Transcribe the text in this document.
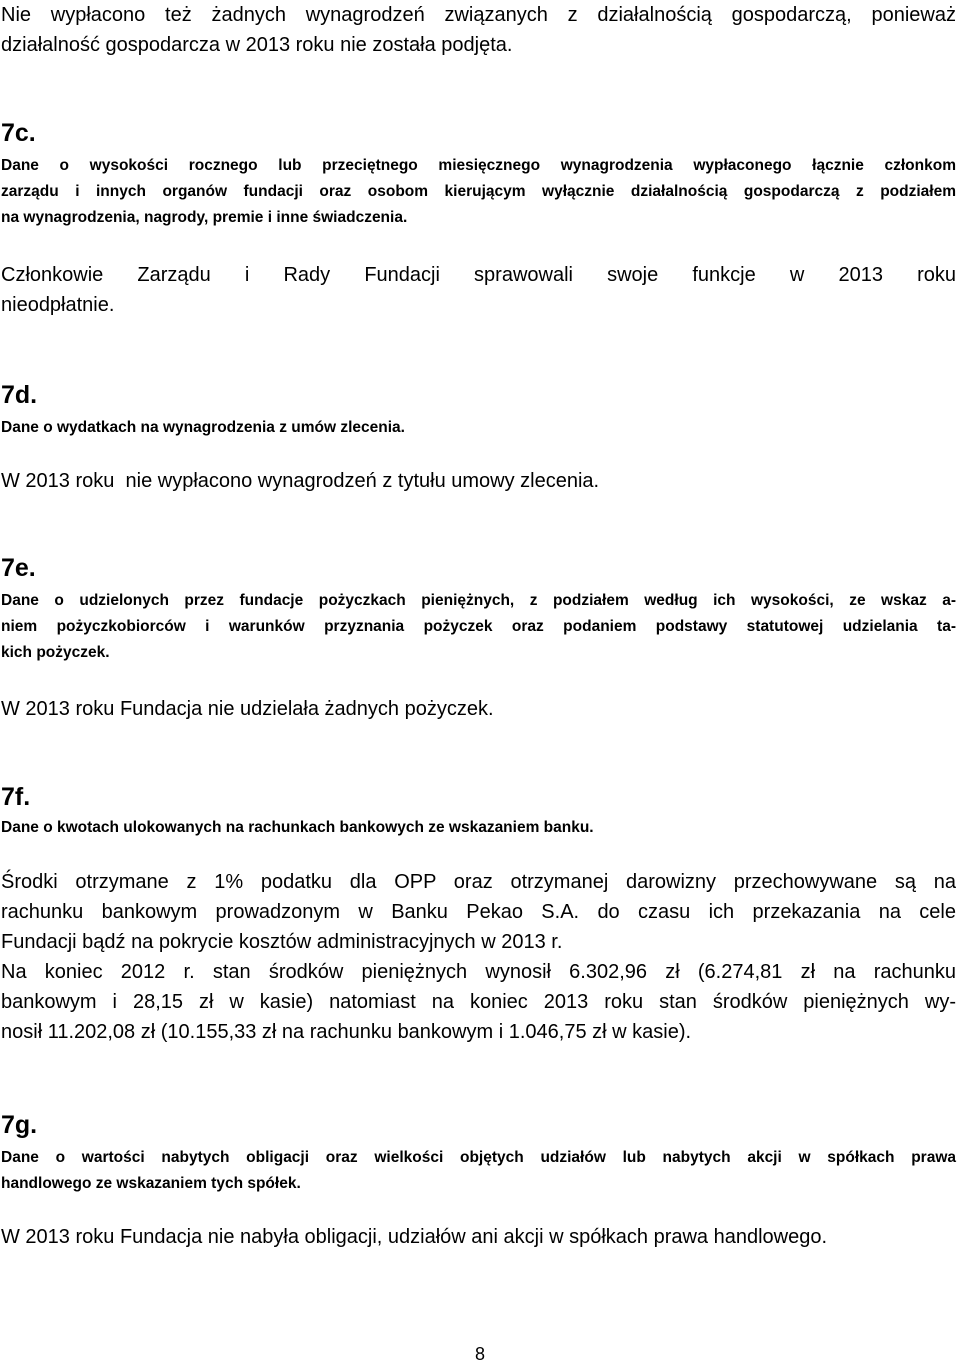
Nie wypłacono też żadnych wynagrodzeń związanych z działalnością gospodarczą, ponieważ
działalność gospodarcza w 2013 roku nie została podjęta.

7c.

Dane o wysokości rocznego lub przeciętnego miesięcznego wynagrodzenia wypłaconego łącznie członkom
zarządu i innych organów fundacji oraz osobom kierującym wyłącznie działalnością gospodarczą z podziałem
na wynagrodzenia, nagrody, premie i inne świadczenia.

Członkowie Zarządu i Rady Fundacji sprawowali swoje funkcje w 2013 roku
nieodpłatnie.

7d.

Dane o wydatkach na wynagrodzenia z umów zlecenia.

W 2013 roku  nie wypłacono wynagrodzeń z tytułu umowy zlecenia.

7e.

Dane o udzielonych przez fundacje pożyczkach pieniężnych, z podziałem według ich wysokości, ze wskaz a-
niem pożyczkobiorców i warunków przyznania pożyczek oraz podaniem podstawy statutowej udzielania ta-
kich pożyczek.

W 2013 roku Fundacja nie udzielała żadnych pożyczek.

7f.

Dane o kwotach ulokowanych na rachunkach bankowych ze wskazaniem banku.

Środki otrzymane z 1% podatku dla OPP oraz otrzymanej darowizny przechowywane są na
rachunku bankowym prowadzonym w Banku Pekao S.A. do czasu ich przekazania na cele
Fundacji bądź na pokrycie kosztów administracyjnych w 2013 r.
Na koniec 2012 r. stan środków pieniężnych wynosił 6.302,96 zł (6.274,81 zł na rachunku
bankowym i 28,15 zł w kasie) natomiast na koniec 2013 roku stan środków pieniężnych wy-
nosił 11.202,08 zł (10.155,33 zł na rachunku bankowym i 1.046,75 zł w kasie).

7g.

Dane o wartości nabytych obligacji oraz wielkości objętych udziałów lub nabytych akcji w spółkach prawa
handlowego ze wskazaniem tych spółek.

W 2013 roku Fundacja nie nabyła obligacji, udziałów ani akcji w spółkach prawa handlowego.

8
